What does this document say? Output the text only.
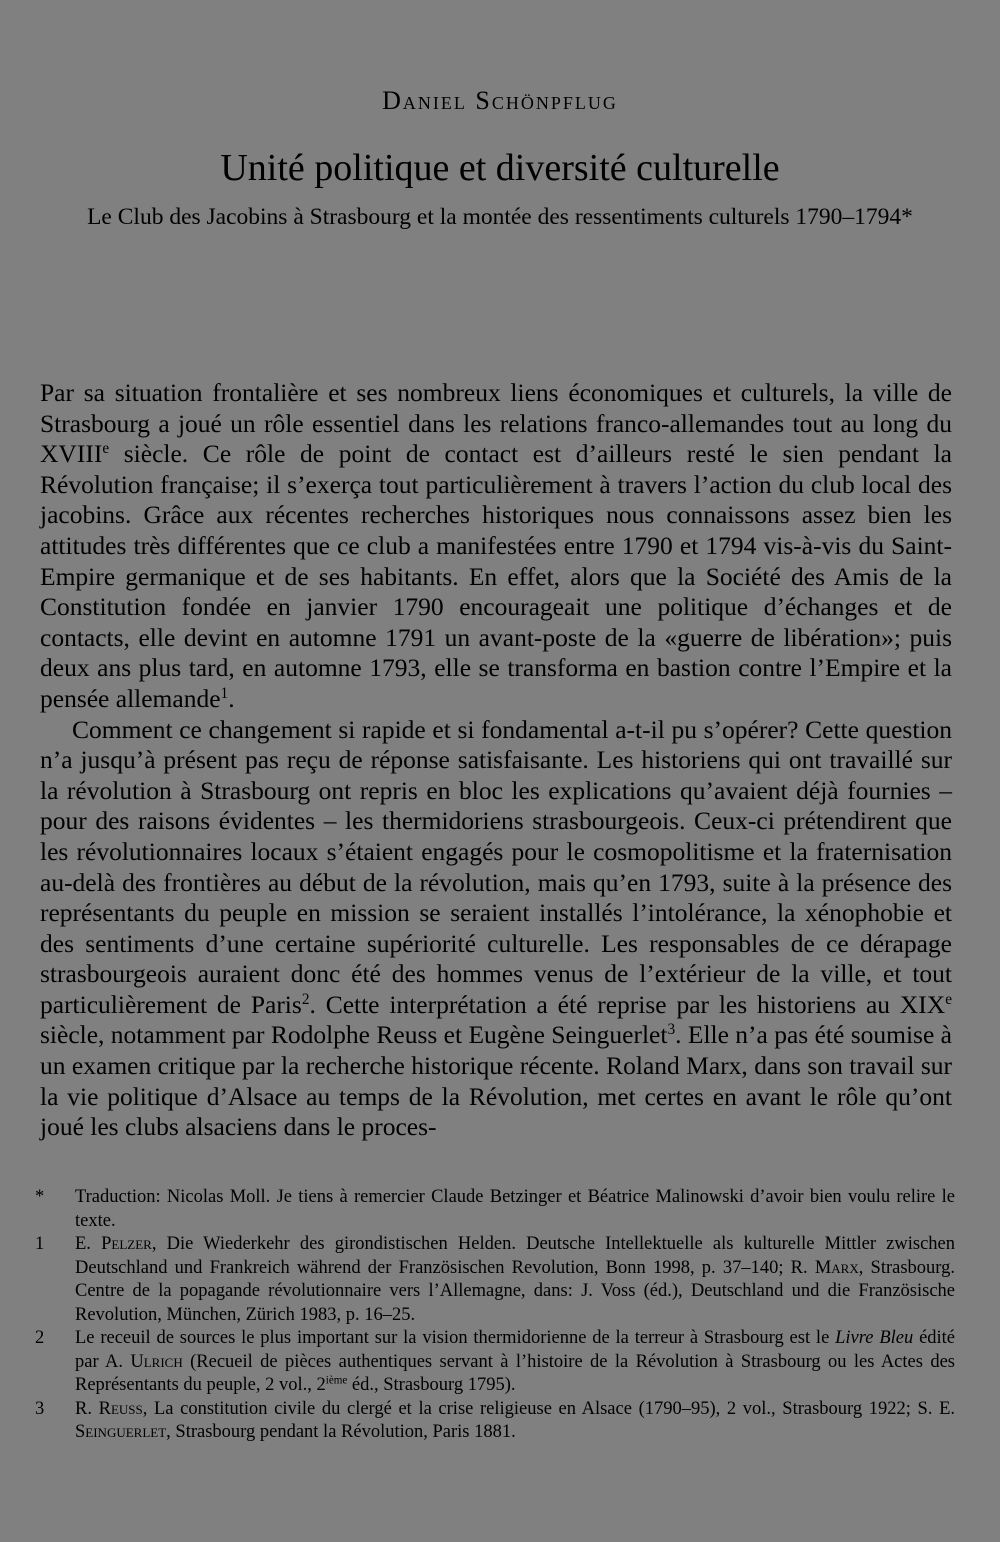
Daniel Schönpflug
Unité politique et diversité culturelle
Le Club des Jacobins à Strasbourg et la montée des ressentiments culturels 1790–1794*

Par sa situation frontalière et ses nombreux liens économiques et culturels, la ville de Strasbourg a joué un rôle essentiel dans les relations franco-allemandes tout au long du XVIIIe siècle. Ce rôle de point de contact est d’ailleurs resté le sien pendant la Révolution française; il s’exerça tout particulièrement à travers l’action du club local des jacobins. Grâce aux récentes recherches historiques nous connaissons assez bien les attitudes très différentes que ce club a manifestées entre 1790 et 1794 vis-à-vis du Saint-Empire germanique et de ses habitants. En effet, alors que la Société des Amis de la Constitution fondée en janvier 1790 encourageait une politique d’échanges et de contacts, elle devint en automne 1791 un avant-poste de la «guerre de libération»; puis deux ans plus tard, en automne 1793, elle se transforma en bastion contre l’Empire et la pensée allemande$^1$.

Comment ce changement si rapide et si fondamental a-t-il pu s’opérer? Cette question n’a jusqu’à présent pas reçu de réponse satisfaisante. Les historiens qui ont travaillé sur la révolution à Strasbourg ont repris en bloc les explications qu’avaient déjà fournies – pour des raisons évidentes – les thermidoriens strasbourgeois. Ceux-ci prétendirent que les révolutionnaires locaux s’étaient engagés pour le cosmopolitisme et la fraternisation au-delà des frontières au début de la révolution, mais qu’en 1793, suite à la présence des représentants du peuple en mission se seraient installés l’intolérance, la xénophobie et des sentiments d’une certaine supériorité culturelle. Les responsables de ce dérapage strasbourgeois auraient donc été des hommes venus de l’extérieur de la ville, et tout particulièrement de Paris$^2$. Cette interprétation a été reprise par les historiens au XIXe siècle, notamment par Rodolphe Reuss et Eugène Seinguerlet$^3$. Elle n’a pas été soumise à un examen critique par la recherche historique récente. Roland Marx, dans son travail sur la vie politique d’Alsace au temps de la Révolution, met certes en avant le rôle qu’ont joué les clubs alsaciens dans le proces-

*	Traduction: Nicolas Moll. Je tiens à remercier Claude Betzinger et Béatrice Malinowski d’avoir bien voulu relire le texte.
1	E. Pelzer, Die Wiederkehr des girondistischen Helden. Deutsche Intellektuelle als kulturelle Mittler zwischen Deutschland und Frankreich während der Französischen Revolution, Bonn 1998, p. 37–140; R. Marx, Strasbourg. Centre de la popagande révolutionnaire vers l’Allemagne, dans: J. Voss (éd.), Deutschland und die Französische Revolution, München, Zürich 1983, p. 16–25.
2	Le receuil de sources le plus important sur la vision thermidorienne de la terreur à Strasbourg est le Livre Bleu édité par A. Ulrich (Recueil de pièces authentiques servant à l’histoire de la Révolution à Strasbourg ou les Actes des Représentants du peuple, 2 vol., 2ième éd., Strasbourg 1795).
3	R. Reuss, La constitution civile du clergé et la crise religieuse en Alsace (1790–95), 2 vol., Strasbourg 1922; S. E. Seinguerlet, Strasbourg pendant la Révolution, Paris 1881.
